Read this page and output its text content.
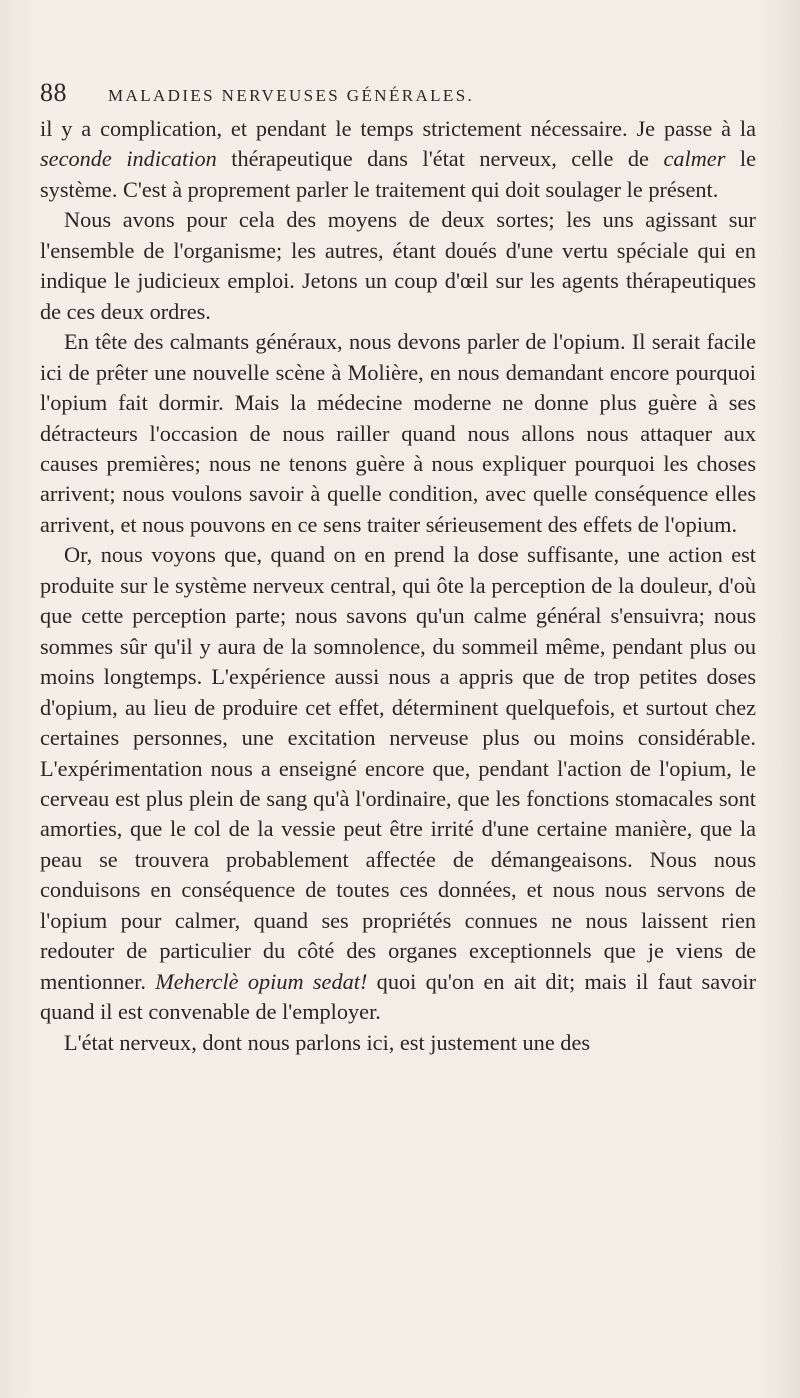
88 MALADIES NERVEUSES GÉNÉRALES.

il y a complication, et pendant le temps strictement nécessaire. Je passe à la seconde indication thérapeutique dans l'état nerveux, celle de calmer le système. C'est à proprement parler le traitement qui doit soulager le présent.

Nous avons pour cela des moyens de deux sortes; les uns agissant sur l'ensemble de l'organisme; les autres, étant doués d'une vertu spéciale qui en indique le judicieux emploi. Jetons un coup d'œil sur les agents thérapeutiques de ces deux ordres.

En tête des calmants généraux, nous devons parler de l'opium. Il serait facile ici de prêter une nouvelle scène à Molière, en nous demandant encore pourquoi l'opium fait dormir. Mais la médecine moderne ne donne plus guère à ses détracteurs l'occasion de nous railler quand nous allons nous attaquer aux causes premières; nous ne tenons guère à nous expliquer pourquoi les choses arrivent; nous voulons savoir à quelle condition, avec quelle conséquence elles arrivent, et nous pouvons en ce sens traiter sérieusement des effets de l'opium.

Or, nous voyons que, quand on en prend la dose suffisante, une action est produite sur le système nerveux central, qui ôte la perception de la douleur, d'où que cette perception parte; nous savons qu'un calme général s'ensuivra; nous sommes sûr qu'il y aura de la somnolence, du sommeil même, pendant plus ou moins longtemps. L'expérience aussi nous a appris que de trop petites doses d'opium, au lieu de produire cet effet, déterminent quelquefois, et surtout chez certaines personnes, une excitation nerveuse plus ou moins considérable. L'expérimentation nous a enseigné encore que, pendant l'action de l'opium, le cerveau est plus plein de sang qu'à l'ordinaire, que les fonctions stomacales sont amorties, que le col de la vessie peut être irrité d'une certaine manière, que la peau se trouvera probablement affectée de démangeaisons. Nous nous conduisons en conséquence de toutes ces données, et nous nous servons de l'opium pour calmer, quand ses propriétés connues ne nous laissent rien redouter de particulier du côté des organes exceptionnels que je viens de mentionner. Meherclè opium sedat! quoi qu'on en ait dit; mais il faut savoir quand il est convenable de l'employer.

L'état nerveux, dont nous parlons ici, est justement une des
